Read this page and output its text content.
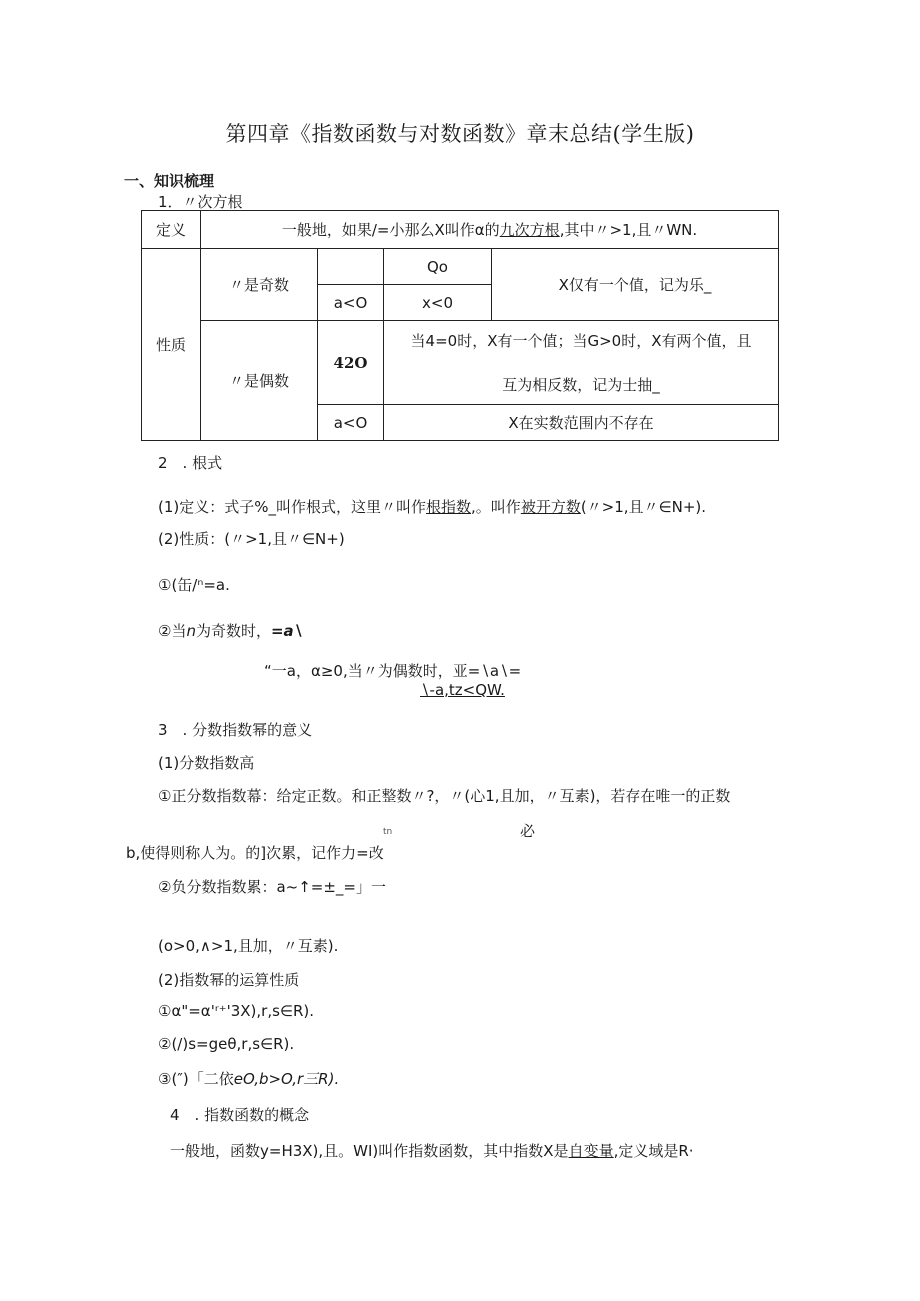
第四章《指数函数与对数函数》章末总结(学生版)
一、知识梳理
1．〃次方根
定义	一般地，如果/=小那么X叫作α的九次方根,其中〃>1,且〃WN.			
性质	〃是奇数		Qo	X仅有一个值，记为乐_
		a<O	x<0	
	〃是偶数	42O	当4=0时，X有一个值；当G>0时，X有两个值，且
互为相反数，记为士抽_	

		a<O	X在实数范围内不存在	
2　. 根式
(1)定义：式子%_叫作根式，这里〃叫作根指数,。叫作被开方数(〃>1,且〃∈N+).
(2)性质：(〃>1,且〃∈N+)
①(缶/ⁿ=a.
②当n为奇数时，=a∖
“一a，α≥0,当〃为偶数时，亚=∖a∖=
∖-a,tz<QW.
3　. 分数指数幂的意义
(1)分数指数高
①正分数指数幕：给定正数。和正整数〃?，〃(心1,且加，〃互素)，若存在唯一的正数
tn	必
b,使得则称人为。的]次累，记作力=改
②负分数指数累：a~↑=±_=」一
(o>0,∧>1,且加，〃互素).
(2)指数幂的运算性质
①α"=α'ʳ⁺'3X),r,s∈R).
②(/)s=geθ,r,s∈R).
③(″)「二依eO,b>O,r三R).
4　. 指数函数的概念
一般地，函数y=H3X),且。WI)叫作指数函数，其中指数X是自变量,定义域是R·
